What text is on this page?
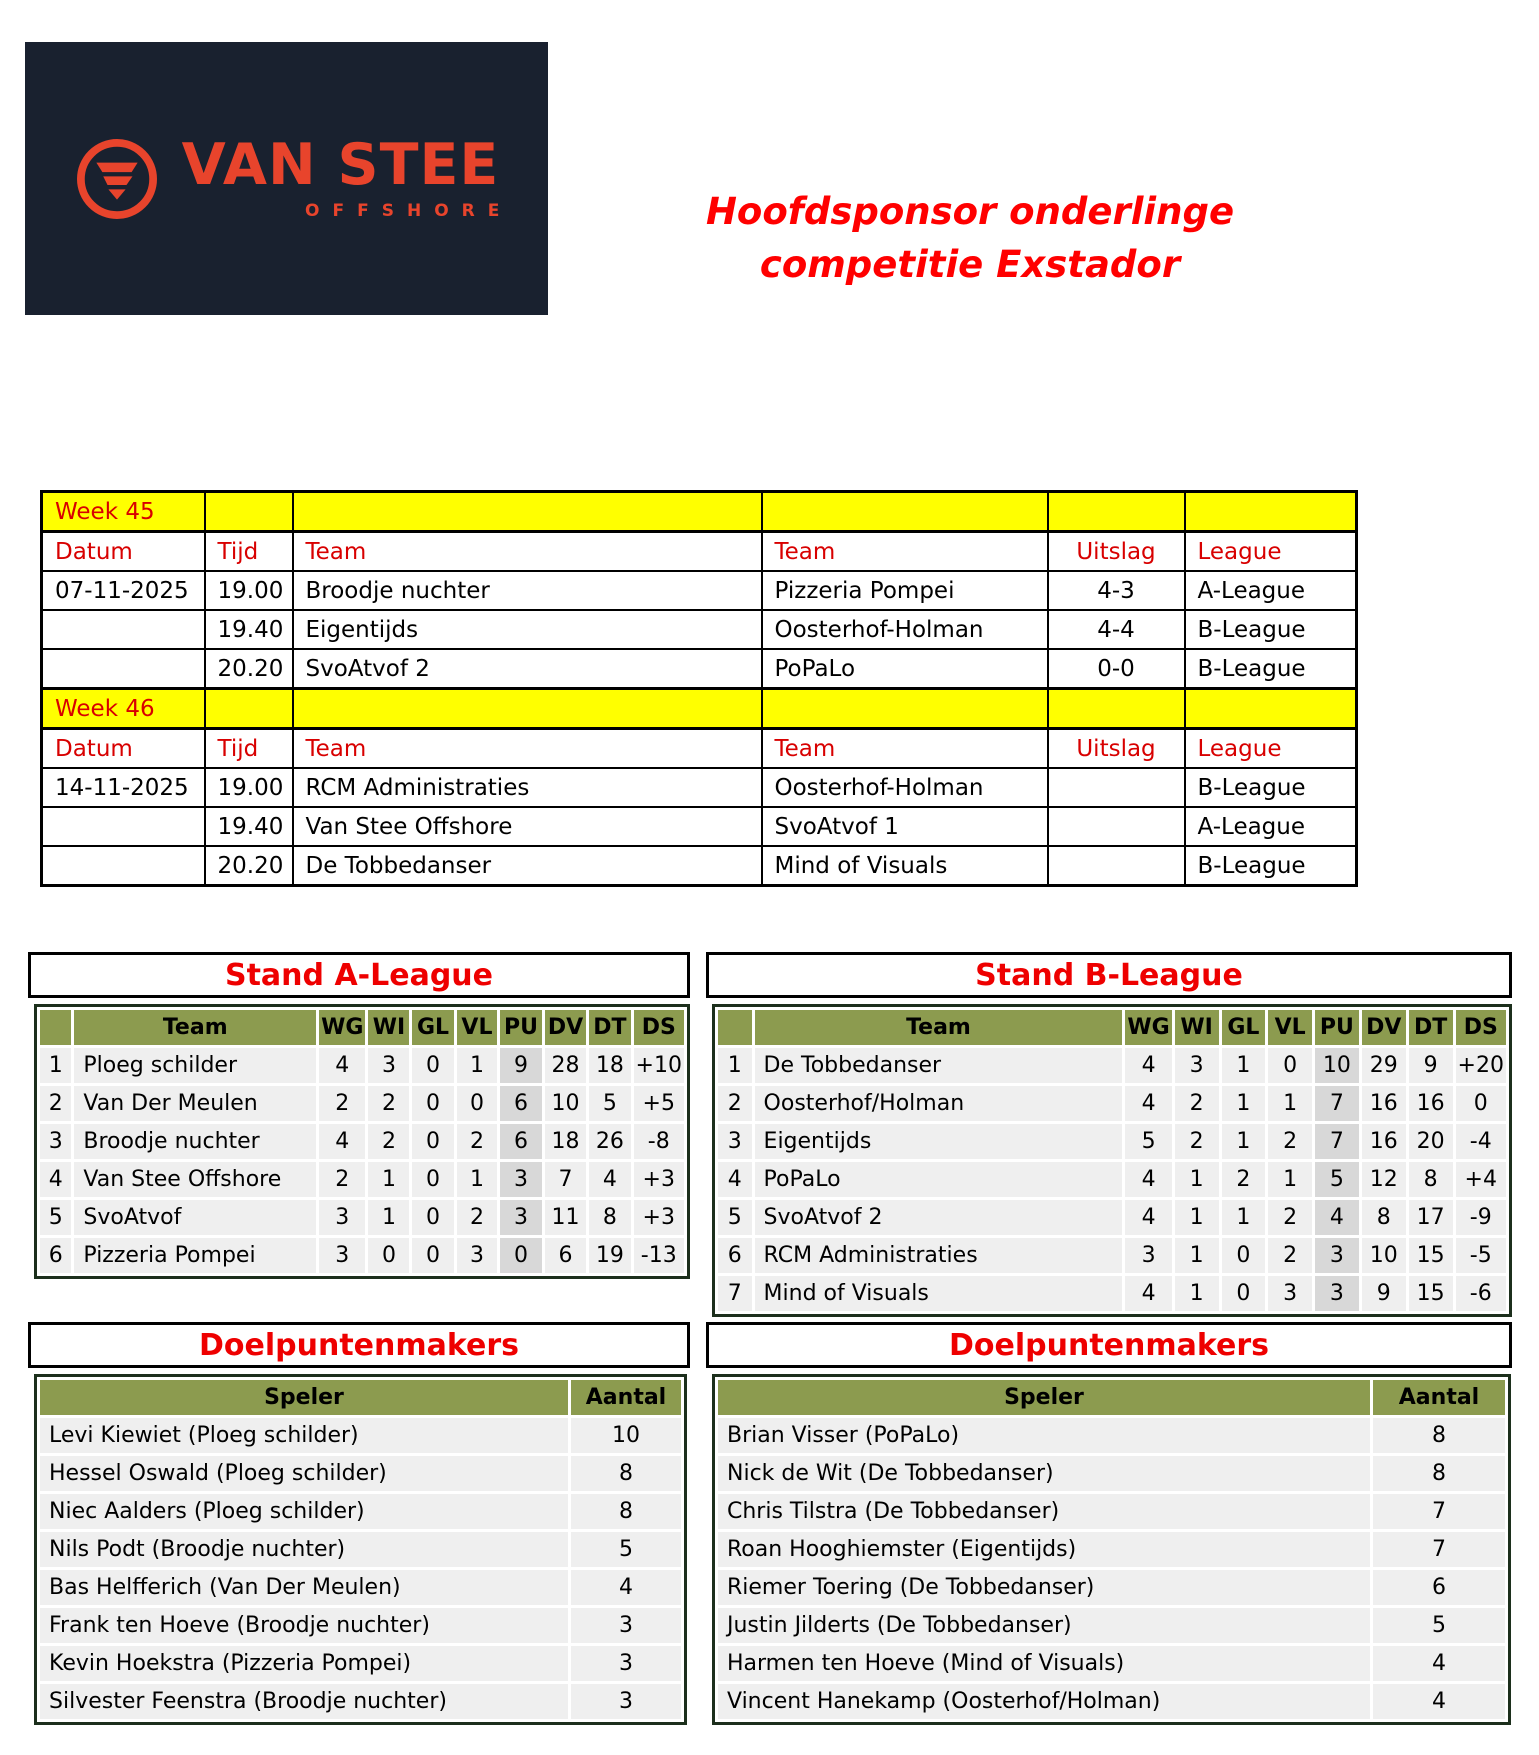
VAN STEE
OFFSHORE	Hoofdsponsor onderlinge
competitie Exstador
Week 45					
Datum	Tijd	Team	Team	Uitslag	League
07-11-2025	19.00	Broodje nuchter	Pizzeria Pompei	4-3	A-League
	19.40	Eigentijds	Oosterhof-Holman	4-4	B-League
	20.20	SvoAtvof 2	PoPaLo	0-0	B-League
Week 46					
Datum	Tijd	Team	Team	Uitslag	League
14-11-2025	19.00	RCM Administraties	Oosterhof-Holman		B-League
	19.40	Van Stee Offshore	SvoAtvof 1		A-League
	20.20	De Tobbedanser	Mind of Visuals		B-League
Stand A-League	Stand B-League
	Team	WG	WI	GL	VL	PU	DV	DT	DS
1	Ploeg schilder	4	3	0	1	9	28	18	+10
2	Van Der Meulen	2	2	0	0	6	10	5	+5
3	Broodje nuchter	4	2	0	2	6	18	26	-8
4	Van Stee Offshore	2	1	0	1	3	7	4	+3
5	SvoAtvof	3	1	0	2	3	11	8	+3
6	Pizzeria Pompei	3	0	0	3	0	6	19	-13
	Team	WG	WI	GL	VL	PU	DV	DT	DS
1	De Tobbedanser	4	3	1	0	10	29	9	+20
2	Oosterhof/Holman	4	2	1	1	7	16	16	0
3	Eigentijds	5	2	1	2	7	16	20	-4
4	PoPaLo	4	1	2	1	5	12	8	+4
5	SvoAtvof 2	4	1	1	2	4	8	17	-9
6	RCM Administraties	3	1	0	2	3	10	15	-5
7	Mind of Visuals	4	1	0	3	3	9	15	-6
Doelpuntenmakers	Doelpuntenmakers
Speler	Aantal
Levi Kiewiet (Ploeg schilder)	10
Hessel Oswald (Ploeg schilder)	8
Niec Aalders (Ploeg schilder)	8
Nils Podt (Broodje nuchter)	5
Bas Helfferich (Van Der Meulen)	4
Frank ten Hoeve (Broodje nuchter)	3
Kevin Hoekstra (Pizzeria Pompei)	3
Silvester Feenstra (Broodje nuchter)	3
Speler	Aantal
Brian Visser (PoPaLo)	8
Nick de Wit (De Tobbedanser)	8
Chris Tilstra (De Tobbedanser)	7
Roan Hooghiemster (Eigentijds)	7
Riemer Toering (De Tobbedanser)	6
Justin Jilderts (De Tobbedanser)	5
Harmen ten Hoeve (Mind of Visuals)	4
Vincent Hanekamp (Oosterhof/Holman)	4
